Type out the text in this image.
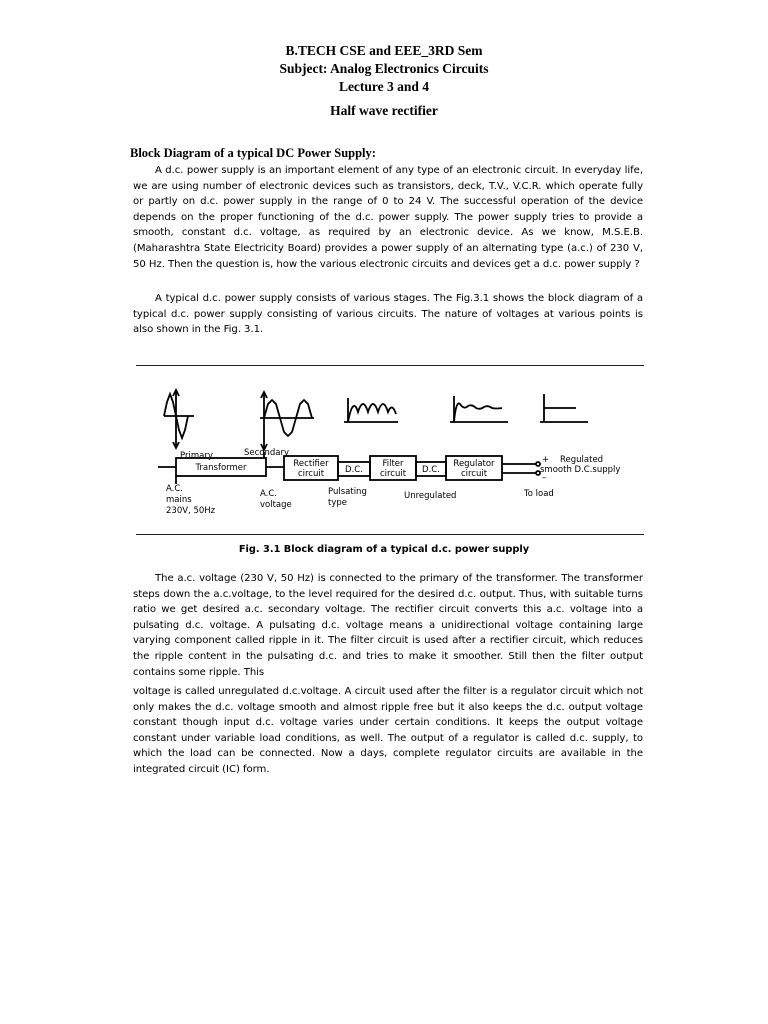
B.TECH CSE and EEE_3RD Sem
Subject: Analog Electronics Circuits
Lecture 3 and 4
Half wave rectifier
Block Diagram of a typical DC Power Supply:

A d.c. power supply is an important element of any type of an electronic circuit. In everyday life, we are using number of electronic devices such as transistors, deck, T.V., V.C.R. which operate fully or partly on d.c. power supply in the range of 0 to 24 V. The successful operation of the device depends on the proper functioning of the d.c. power supply. The power supply tries to provide a smooth, constant d.c. voltage, as required by an electronic device. As we know, M.S.E.B. (Maharashtra State Electricity Board) provides a power supply of an alternating type (a.c.) of 230 V, 50 Hz. Then the question is, how the various electronic circuits and devices get a d.c. power supply ?

A typical d.c. power supply consists of various stages. The Fig.3.1 shows the block diagram of a typical d.c. power supply consisting of various circuits. The nature of voltages at various points is also shown in the Fig. 3.1.

Primary	Secondary
Transformer	Rectifier
circuit D.C.
Filter
circuit D.C.
Regulator
circuit
+
–
Regulated
smooth D.C.supply
A.C.
mains
230V, 50Hz
A.C.
voltage
Pulsating
type
Unregulated	To load
Fig. 3.1 Block diagram of a typical d.c. power supply

The a.c. voltage (230 V, 50 Hz) is connected to the primary of the transformer. The transformer steps down the a.c.voltage, to the level required for the desired d.c. output. Thus, with suitable turns ratio we get desired a.c. secondary voltage. The rectifier circuit converts this a.c. voltage into a pulsating d.c. voltage. A pulsating d.c. voltage means a unidirectional voltage containing large varying component called ripple in it. The filter circuit is used after a rectifier circuit, which reduces the ripple content in the pulsating d.c. and tries to make it smoother. Still then the filter output contains some ripple. This

voltage is called unregulated d.c.voltage. A circuit used after the filter is a regulator circuit which not only makes the d.c. voltage smooth and almost ripple free but it also keeps the d.c. output voltage constant though input d.c. voltage varies under certain conditions. It keeps the output voltage constant under variable load conditions, as well. The output of a regulator is called d.c. supply, to which the load can be connected. Now a days, complete regulator circuits are available in the integrated circuit (IC) form.
